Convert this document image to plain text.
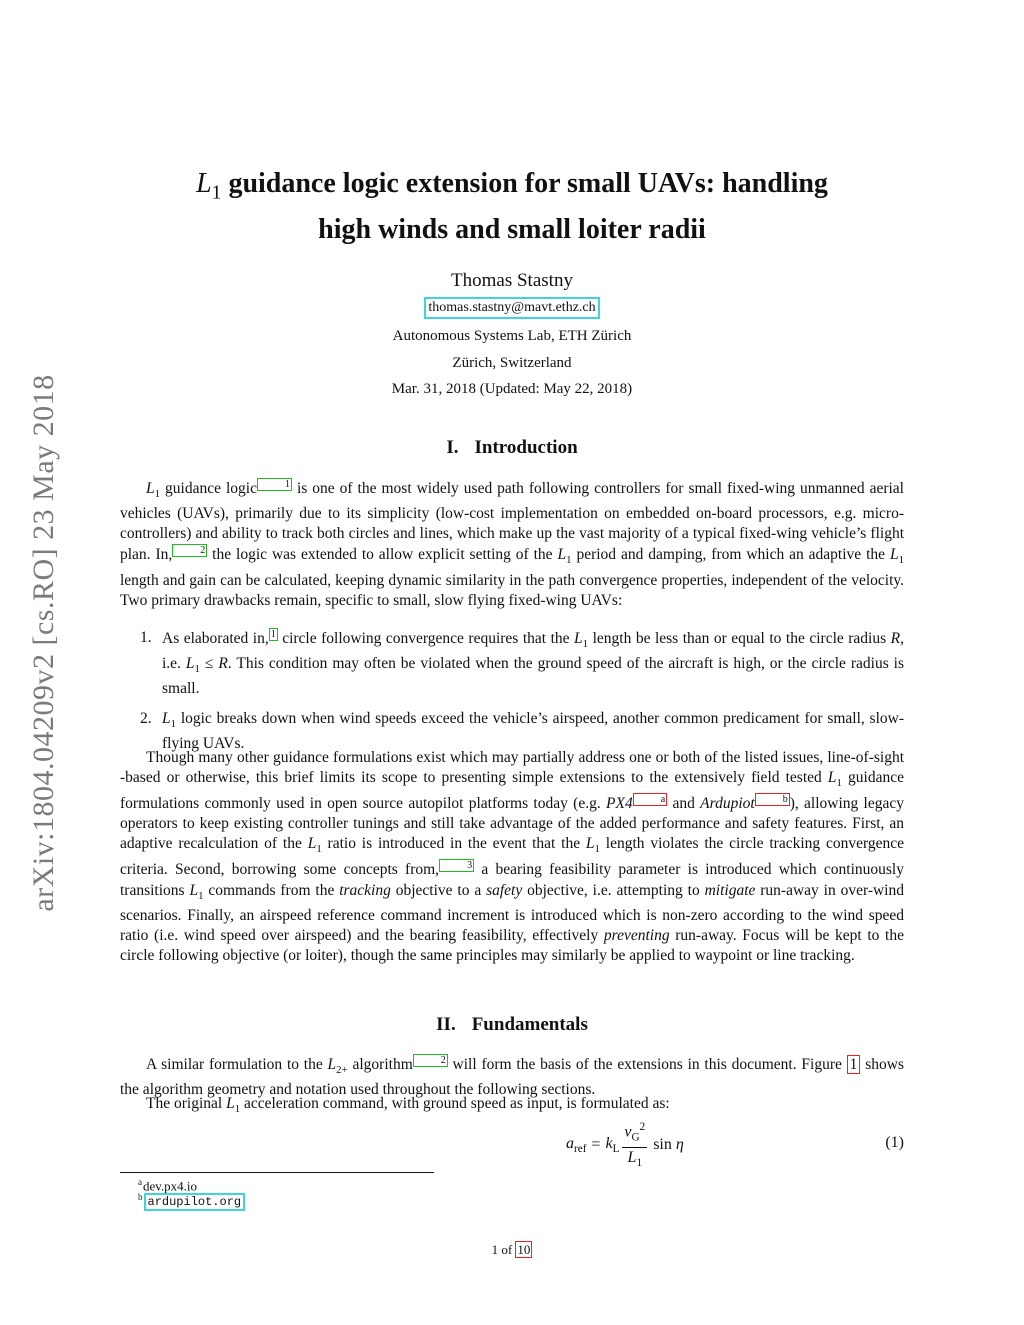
arXiv:1804.04209v2 [cs.RO] 23 May 2018
$L_1$ guidance logic extension for small UAVs: handling
high winds and small loiter radii
Thomas Stastny
thomas.stastny@mavt.ethz.ch
Autonomous Systems Lab, ETH Zürich
Zürich, Switzerland
Mar. 31, 2018 (Updated: May 22, 2018)
I. Introduction

$L_1$ guidance logic	1 is one of the most widely used path following controllers for small fixed-wing unmanned aerial vehicles (UAVs), primarily due to its simplicity (low-cost implementation on embedded on-board processors, e.g. micro-controllers) and ability to track both circles and lines, which make up the vast majority of a typical fixed-wing vehicle’s flight plan. In,	2 the logic was extended to allow explicit setting of the $L_1$ period and damping, from which an adaptive the $L_1$ length and gain can be calculated, keeping dynamic similarity in the path convergence properties, independent of the velocity. Two primary drawbacks remain, specific to small, slow flying fixed-wing UAVs:

1. As elaborated in, 1 circle following convergence requires that the $L_1$ length be less than or equal to the circle radius R, i.e. $L_1 \le R$. This condition may often be violated when the ground speed of the aircraft is high, or the circle radius is small.
2. $L_1$ logic breaks down when wind speeds exceed the vehicle’s airspeed, another common predicament for small, slow-flying UAVs.

Though many other guidance formulations exist which may partially address one or both of the listed issues, line-of-sight -based or otherwise, this brief limits its scope to presenting simple extensions to the extensively field tested $L_1$ guidance formulations commonly used in open source autopilot platforms today (e.g. PX4	a and Ardupiot	b ), allowing legacy operators to keep existing controller tunings and still take advantage of the added performance and safety features. First, an adaptive recalculation of the $L_1$ ratio is introduced in the event that the $L_1$ length violates the circle tracking convergence criteria. Second, borrowing some concepts from,	3 a bearing feasibility parameter is introduced which continuously transitions $L_1$ commands from the tracking objective to a safety objective, i.e. attempting to mitigate run-away in over-wind scenarios. Finally, an airspeed reference command increment is introduced which is non-zero according to the wind speed ratio (i.e. wind speed over airspeed) and the bearing feasibility, effectively preventing run-away. Focus will be kept to the circle following objective (or loiter), though the same principles may similarly be applied to waypoint or line tracking.

II. Fundamentals

A similar formulation to the $L_{2+}$ algorithm	2 will form the basis of the extensions in this document. Figure 1 shows the algorithm geometry and notation used throughout the following sections.

The original $L_1$ acceleration command, with ground speed as input, is formulated as:

$a_{ref} = k_L \frac{v_G^2}{L_1}$ sin η	(1)
$^a$dev.px4.io
$^b$ ardupilot.org
1 of 10
